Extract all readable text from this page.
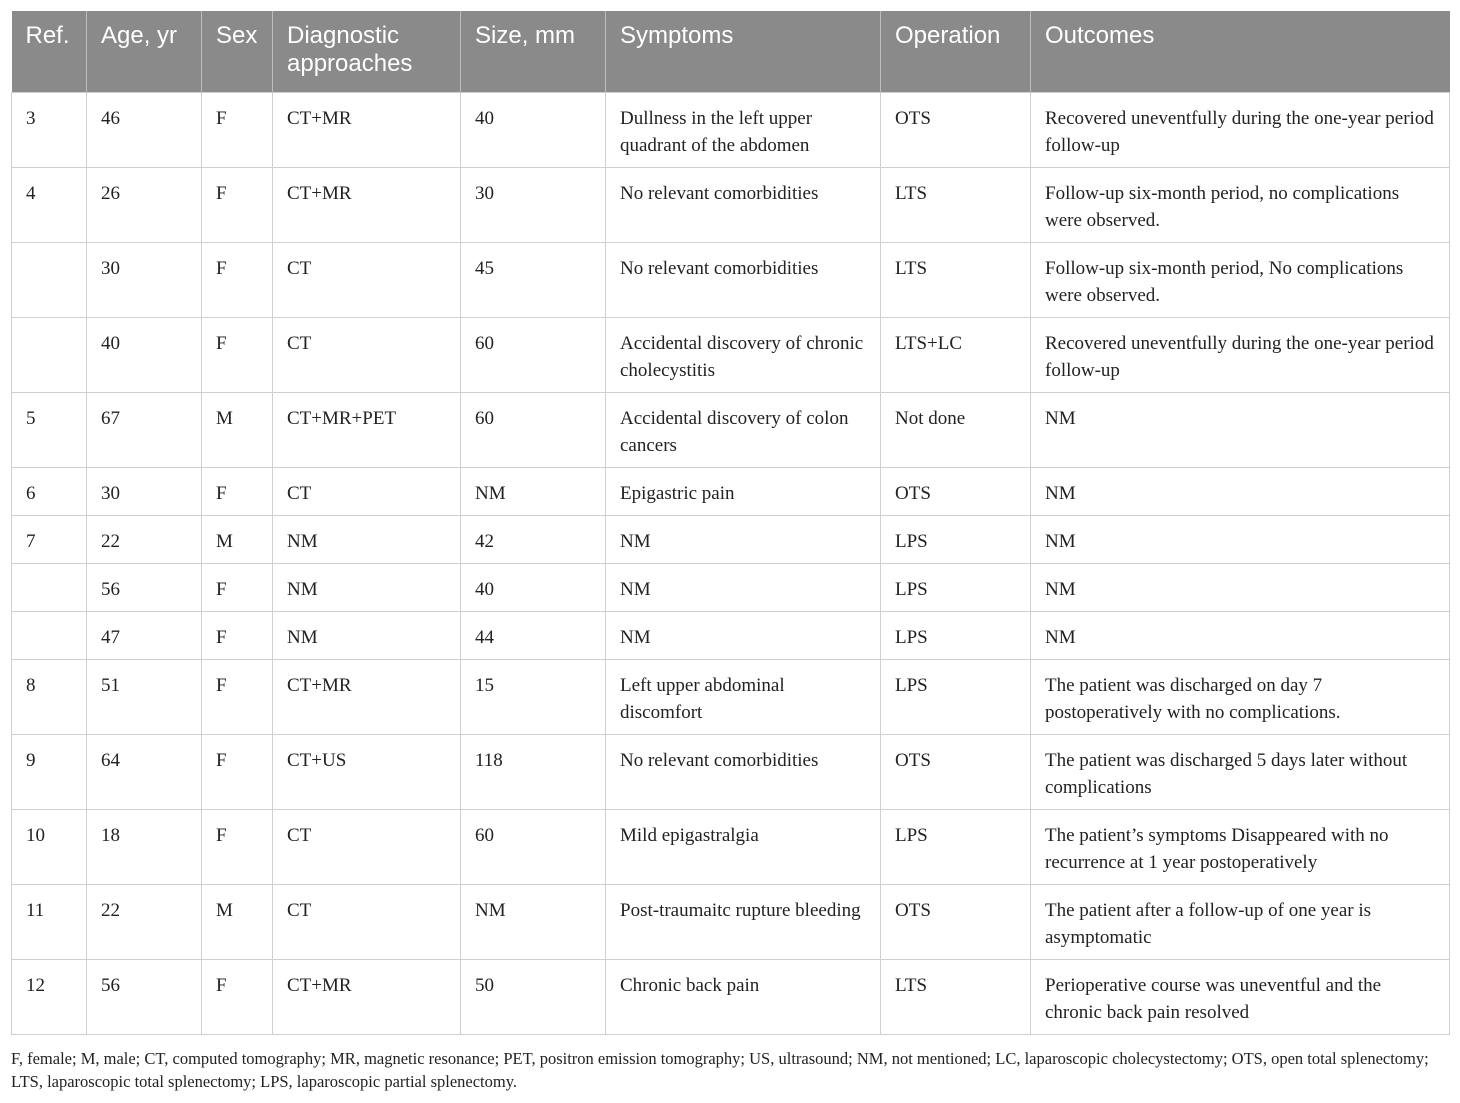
Ref.	Age, yr	Sex	Diagnostic approaches	Size, mm	Symptoms	Operation	Outcomes
3	46	F	CT+MR	40	Dullness in the left upper quadrant of the abdomen	OTS	Recovered uneventfully during the one-year period follow-up
4	26	F	CT+MR	30	No relevant comorbidities	LTS	Follow-up six-month period, no complications were observed.
	30	F	CT	45	No relevant comorbidities	LTS	Follow-up six-month period, No complications were observed.
	40	F	CT	60	Accidental discovery of chronic cholecystitis	LTS+LC	Recovered uneventfully during the one-year period follow-up
5	67	M	CT+MR+PET	60	Accidental discovery of colon cancers	Not done	NM
6	30	F	CT	NM	Epigastric pain	OTS	NM
7	22	M	NM	42	NM	LPS	NM
	56	F	NM	40	NM	LPS	NM
	47	F	NM	44	NM	LPS	NM
8	51	F	CT+MR	15	Left upper abdominal discomfort	LPS	The patient was discharged on day 7 postoperatively with no complications.
9	64	F	CT+US	118	No relevant comorbidities	OTS	The patient was discharged 5 days later without complications
10	18	F	CT	60	Mild epigastralgia	LPS	The patient’s symptoms Disappeared with no recurrence at 1 year postoperatively
11	22	M	CT	NM	Post-traumaitc rupture bleeding	OTS	The patient after a follow-up of one year is asymptomatic
12	56	F	CT+MR	50	Chronic back pain	LTS	Perioperative course was uneventful and the chronic back pain resolved
F, female; M, male; CT, computed tomography; MR, magnetic resonance; PET, positron emission tomography; US, ultrasound; NM, not mentioned; LC, laparoscopic cholecystectomy; OTS, open total splenectomy; LTS, laparoscopic total splenectomy; LPS, laparoscopic partial splenectomy.
